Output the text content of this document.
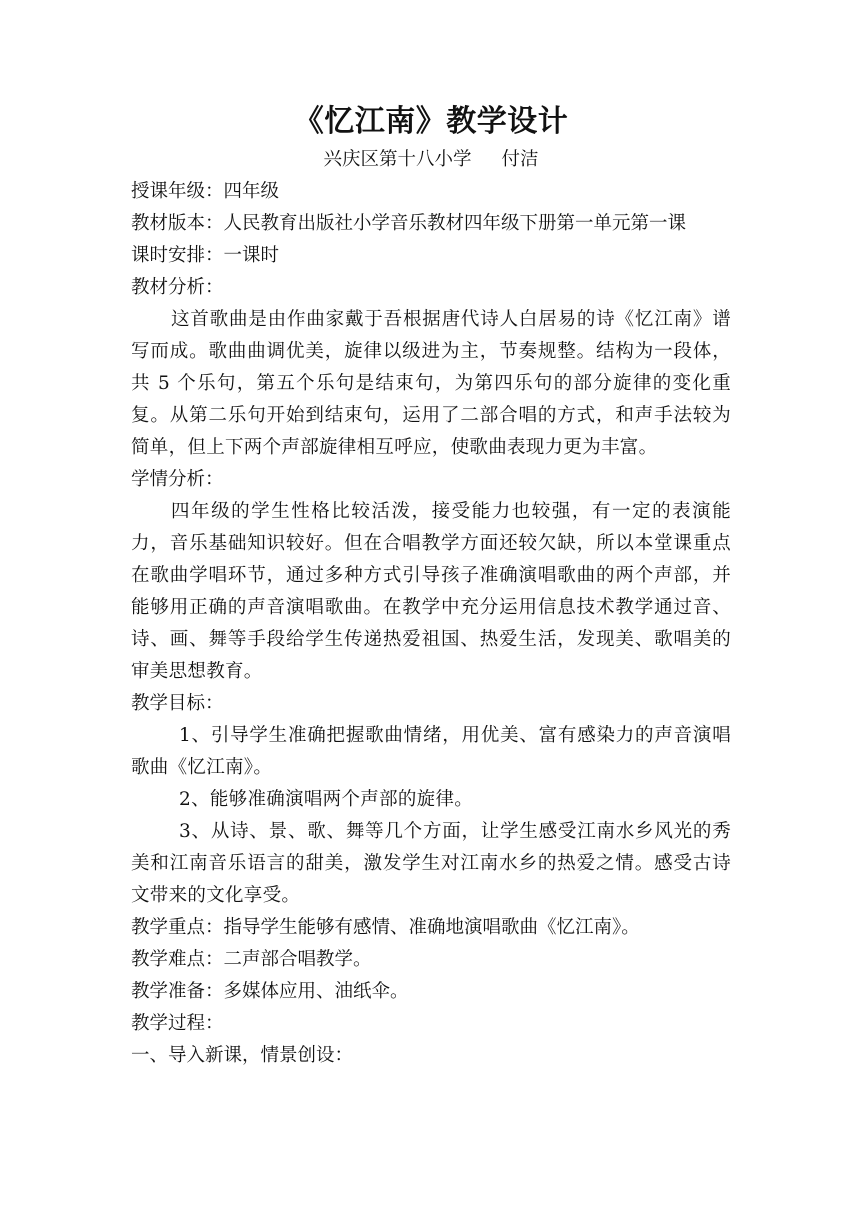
《忆江南》教学设计

兴庆区第十八小学 付洁

授课年级：四年级

教材版本：人民教育出版社小学音乐教材四年级下册第一单元第一课

课时安排：一课时

教材分析：

这首歌曲是由作曲家戴于吾根据唐代诗人白居易的诗《忆江南》谱写而成。歌曲曲调优美，旋律以级进为主，节奏规整。结构为一段体，共 5 个乐句，第五个乐句是结束句，为第四乐句的部分旋律的变化重复。从第二乐句开始到结束句，运用了二部合唱的方式，和声手法较为简单，但上下两个声部旋律相互呼应，使歌曲表现力更为丰富。

学情分析：

四年级的学生性格比较活泼，接受能力也较强，有一定的表演能力，音乐基础知识较好。但在合唱教学方面还较欠缺，所以本堂课重点在歌曲学唱环节，通过多种方式引导孩子准确演唱歌曲的两个声部，并能够用正确的声音演唱歌曲。在教学中充分运用信息技术教学通过音、诗、画、舞等手段给学生传递热爱祖国、热爱生活，发现美、歌唱美的审美思想教育。

教学目标：

1、引导学生准确把握歌曲情绪，用优美、富有感染力的声音演唱歌曲《忆江南》。

2、能够准确演唱两个声部的旋律。

3、从诗、景、歌、舞等几个方面，让学生感受江南水乡风光的秀美和江南音乐语言的甜美，激发学生对江南水乡的热爱之情。感受古诗文带来的文化享受。

教学重点：指导学生能够有感情、准确地演唱歌曲《忆江南》。

教学难点：二声部合唱教学。

教学准备：多媒体应用、油纸伞。

教学过程：

一、导入新课，情景创设：
